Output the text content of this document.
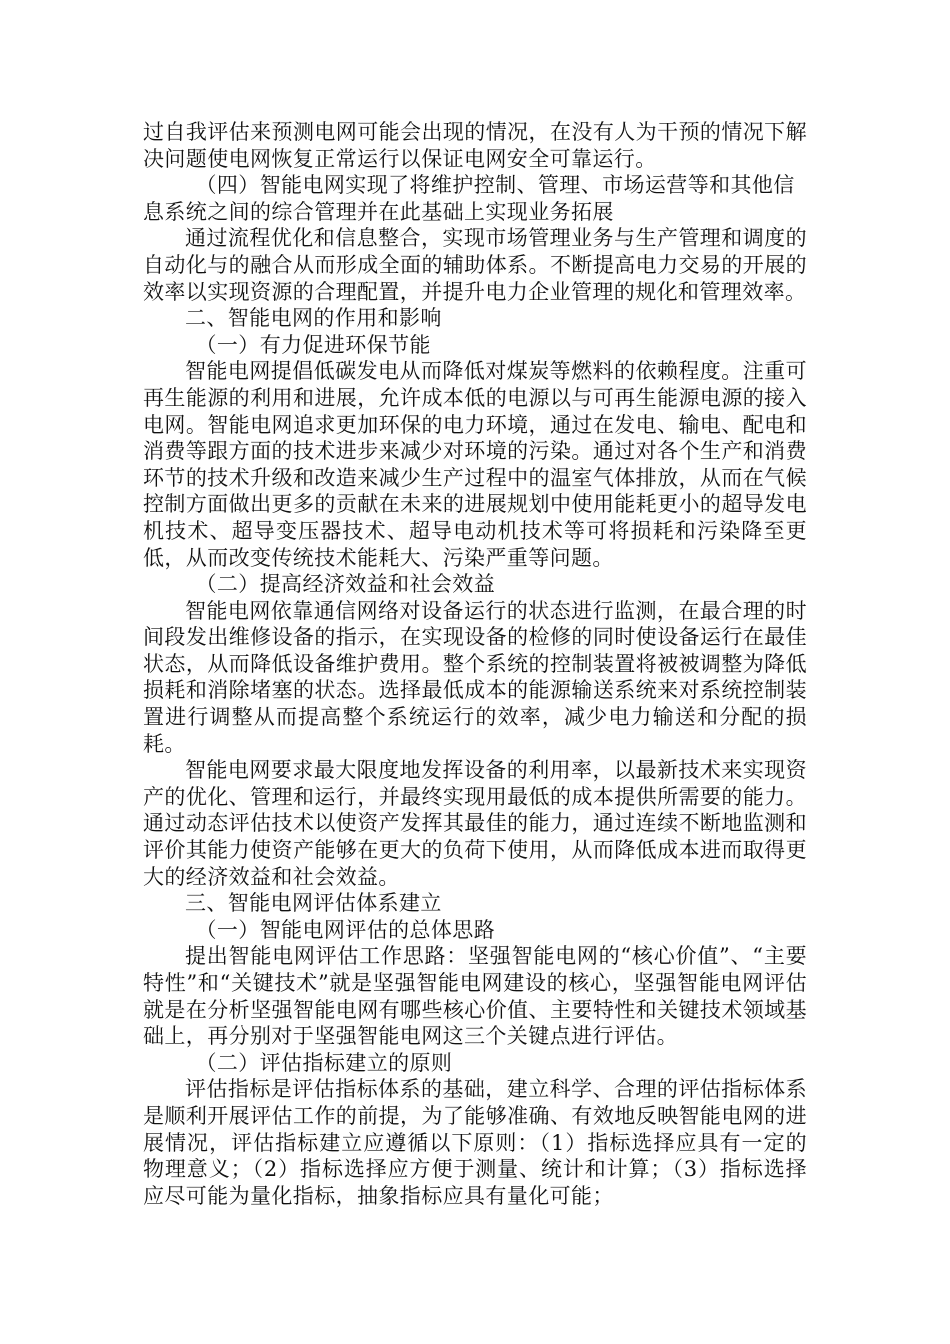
过自我评估来预测电网可能会出现的情况，在没有人为干预的情况下解决问题使电网恢复正常运行以保证电网安全可靠运行。

（四）智能电网实现了将维护控制、管理、市场运营等和其他信息系统之间的综合管理并在此基础上实现业务拓展

通过流程优化和信息整合，实现市场管理业务与生产管理和调度的自动化与的融合从而形成全面的辅助体系。不断提高电力交易的开展的效率以实现资源的合理配置，并提升电力企业管理的规化和管理效率。

二、智能电网的作用和影响

（一）有力促进环保节能

智能电网提倡低碳发电从而降低对煤炭等燃料的依赖程度。注重可再生能源的利用和进展，允许成本低的电源以与可再生能源电源的接入电网。智能电网追求更加环保的电力环境，通过在发电、输电、配电和消费等跟方面的技术进步来减少对环境的污染。通过对各个生产和消费环节的技术升级和改造来减少生产过程中的温室气体排放，从而在气候控制方面做出更多的贡献在未来的进展规划中使用能耗更小的超导发电机技术、超导变压器技术、超导电动机技术等可将损耗和污染降至更低，从而改变传统技术能耗大、污染严重等问题。

（二）提高经济效益和社会效益

智能电网依靠通信网络对设备运行的状态进行监测，在最合理的时间段发出维修设备的指示，在实现设备的检修的同时使设备运行在最佳状态，从而降低设备维护费用。整个系统的控制装置将被被调整为降低损耗和消除堵塞的状态。选择最低成本的能源输送系统来对系统控制装置进行调整从而提高整个系统运行的效率，减少电力输送和分配的损耗。

智能电网要求最大限度地发挥设备的利用率，以最新技术来实现资产的优化、管理和运行，并最终实现用最低的成本提供所需要的能力。通过动态评估技术以使资产发挥其最佳的能力，通过连续不断地监测和评价其能力使资产能够在更大的负荷下使用，从而降低成本进而取得更大的经济效益和社会效益。

三、智能电网评估体系建立

（一）智能电网评估的总体思路

提出智能电网评估工作思路：坚强智能电网的“核心价值”、“主要特性”和“关键技术”就是坚强智能电网建设的核心，坚强智能电网评估就是在分析坚强智能电网有哪些核心价值、主要特性和关键技术领域基础上，再分别对于坚强智能电网这三个关键点进行评估。

（二）评估指标建立的原则

评估指标是评估指标体系的基础，建立科学、合理的评估指标体系是顺利开展评估工作的前提，为了能够准确、有效地反映智能电网的进展情况，评估指标建立应遵循以下原则：（1）指标选择应具有一定的物理意义；（2）指标选择应方便于测量、统计和计算；（3）指标选择应尽可能为量化指标，抽象指标应具有量化可能；
